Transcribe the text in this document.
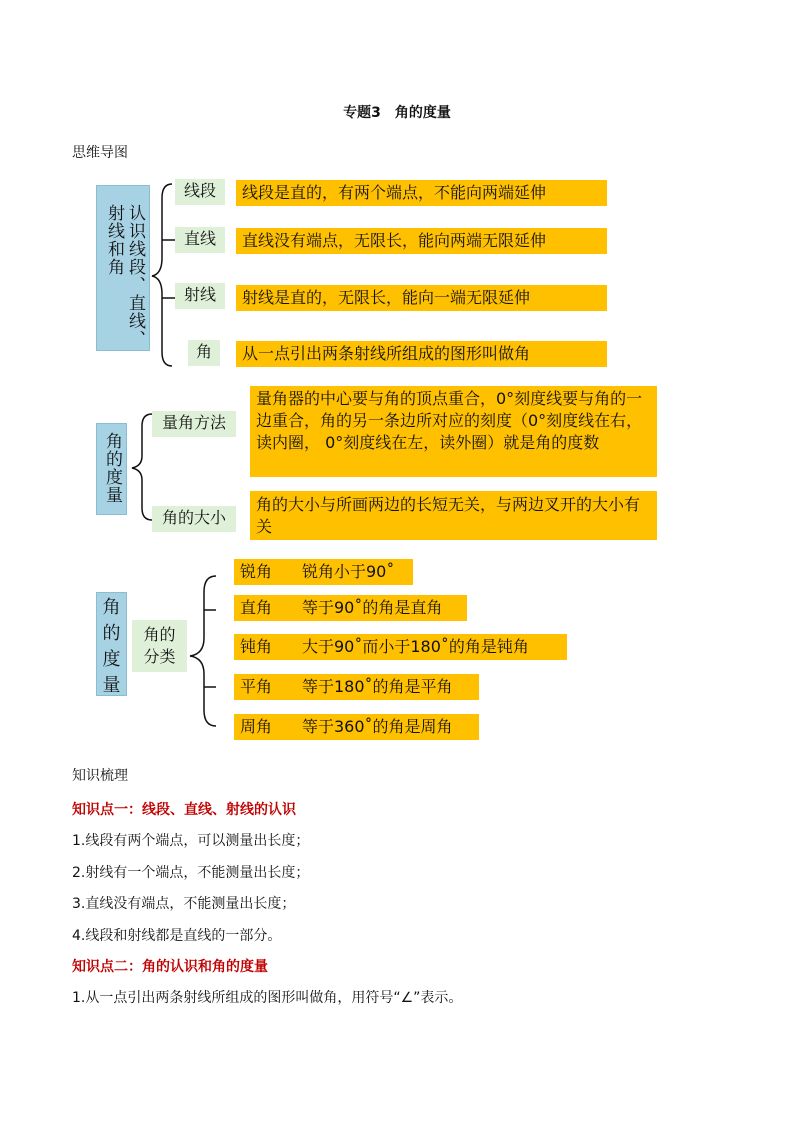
专题3　角的度量
思维导图
认识线段、直线、射线和角
线段	线段是直的，有两个端点，不能向两端延伸
直线	直线没有端点，无限长，能向两端无限延伸
射线	射线是直的，无限长，能向一端无限延伸
角	从一点引出两条射线所组成的图形叫做角
角的度量
量角方法
量角器的中心要与角的顶点重合，0°刻度线要与角的一边重合，角的另一条边所对应的刻度（0°刻度线在右，读内圈， 0°刻度线在左，读外圈）就是角的度数
角的大小
角的大小与所画两边的长短无关，与两边叉开的大小有关
角的度量
角的分类
锐角 锐角小于90˚
直角 等于90˚的角是直角
钝角 大于90˚而小于180˚的角是钝角
平角 等于180˚的角是平角
周角 等于360˚的角是周角
知识梳理
知识点一：线段、直线、射线的认识
1.线段有两个端点，可以测量出长度；
2.射线有一个端点，不能测量出长度；
3.直线没有端点，不能测量出长度；
4.线段和射线都是直线的一部分。
知识点二：角的认识和角的度量
1.从一点引出两条射线所组成的图形叫做角，用符号“∠”表示。
